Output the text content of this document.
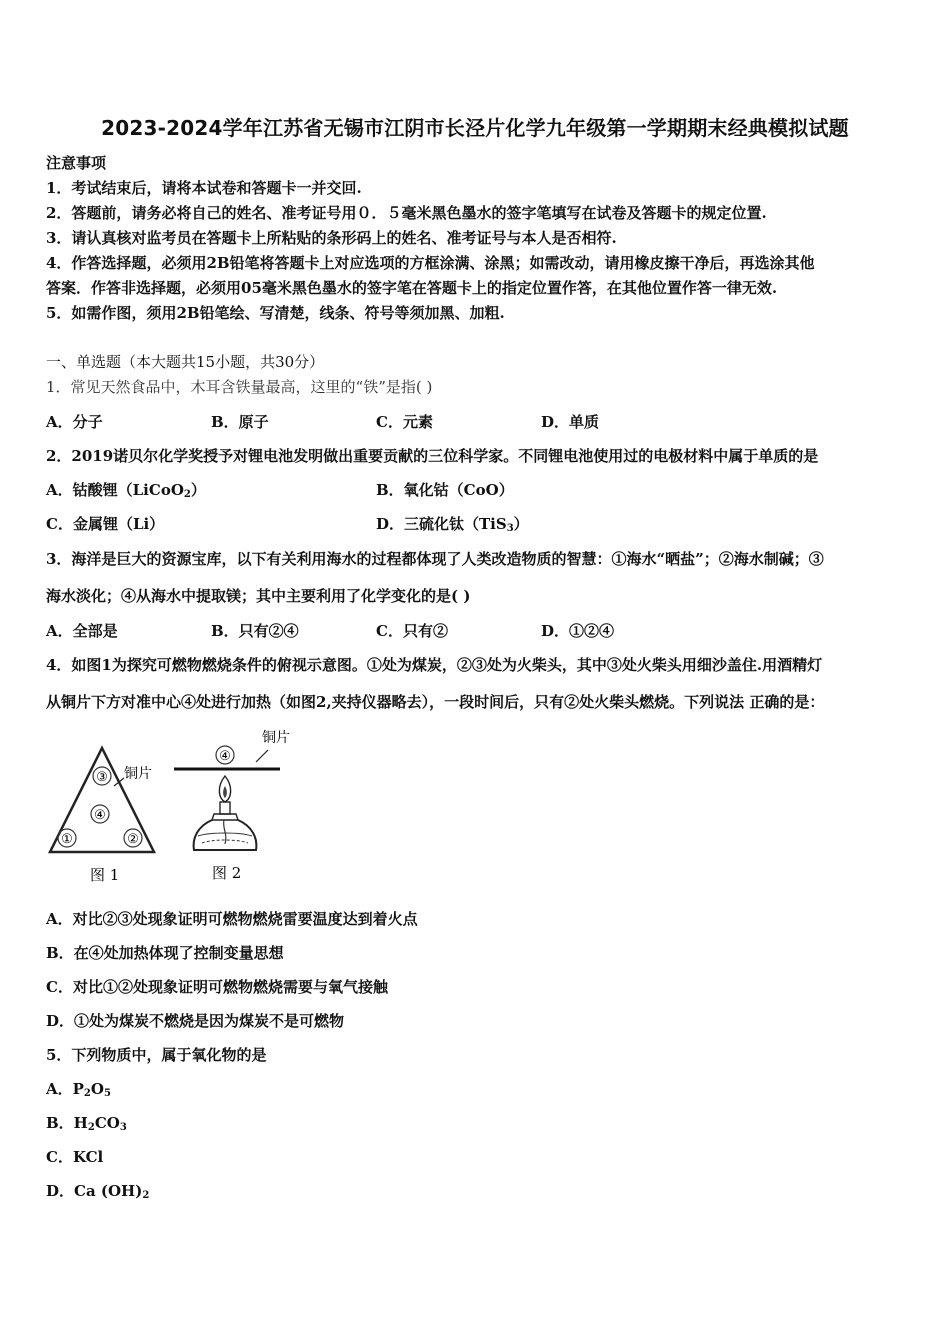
2023-2024学年江苏省无锡市江阴市长泾片化学九年级第一学期期末经典模拟试题
注意事项
1．考试结束后，请将本试卷和答题卡一并交回.
2．答题前，请务必将自己的姓名、准考证号用０．５毫米黑色墨水的签字笔填写在试卷及答题卡的规定位置.
3．请认真核对监考员在答题卡上所粘贴的条形码上的姓名、准考证号与本人是否相符.
4．作答选择题，必须用2B铅笔将答题卡上对应选项的方框涂满、涂黑；如需改动，请用橡皮擦干净后，再选涂其他
答案．作答非选择题，必须用05毫米黑色墨水的签字笔在答题卡上的指定位置作答，在其他位置作答一律无效.
5．如需作图，须用2B铅笔绘、写清楚，线条、符号等须加黑、加粗.
一、单选题（本大题共15小题，共30分）
1．常见天然食品中，木耳含铁量最高，这里的“铁”是指( )
A．分子	B．原子	C．元素	D．单质
2．2019诺贝尔化学奖授予对锂电池发明做出重要贡献的三位科学家。不同锂电池使用过的电极材料中属于单质的是
A．钴酸锂（LiCoO$_2$）	B．氧化钴（CoO）
C．金属锂（Li）	D．三硫化钛（TiS$_3$）
3．海洋是巨大的资源宝库，以下有关利用海水的过程都体现了人类改造物质的智慧：①海水“晒盐”；②海水制碱；③
海水淡化；④从海水中提取镁；其中主要利用了化学变化的是( )
A．全部是	B．只有②④	C．只有②	D．①②④
4．如图1为探究可燃物燃烧条件的俯视示意图。①处为煤炭，②③处为火柴头，其中③处火柴头用细沙盖住.用酒精灯
从铜片下方对准中心④处进行加热（如图2,夹持仪器略去），一段时间后，只有②处火柴头燃烧。下列说法 正确的是：
③
④
①	②
铜片
图 1
铜片
④
图 2
A．对比②③处现象证明可燃物燃烧雷要温度达到着火点
B．在④处加热体现了控制变量思想
C．对比①②处现象证明可燃物燃烧需要与氧气接触
D．①处为煤炭不燃烧是因为煤炭不是可燃物
5．下列物质中，属于氧化物的是
A．$P_2O_5$
B．$H_2CO_3$
C．KCl
D．Ca $(OH)_2$
